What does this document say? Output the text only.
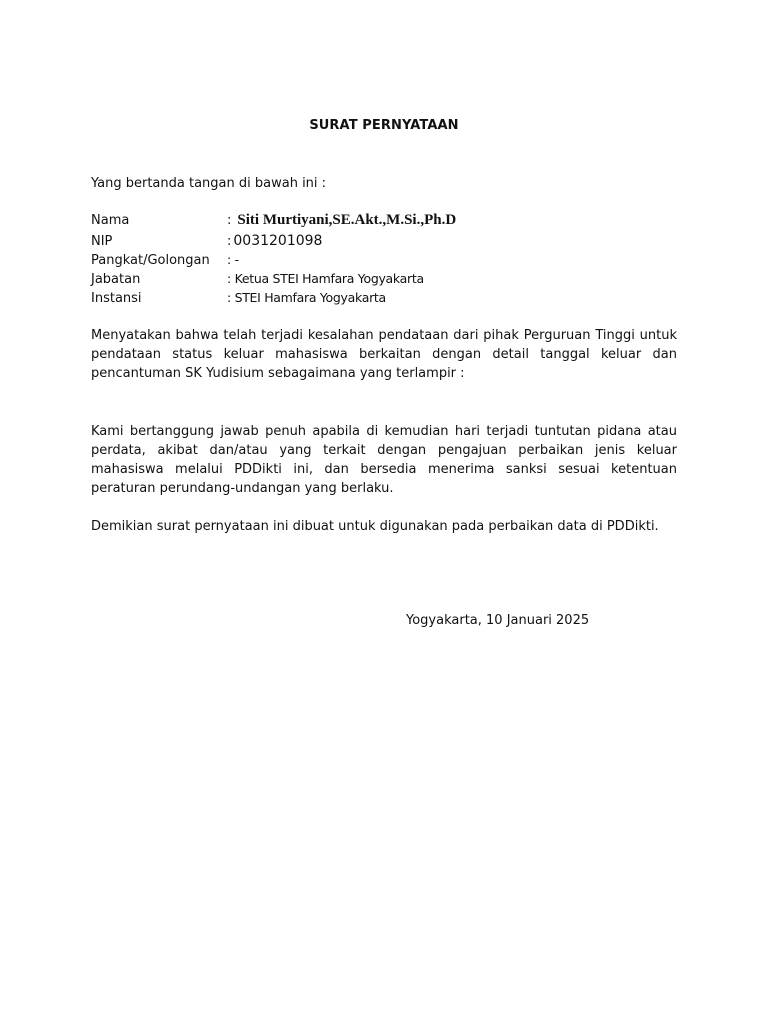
SURAT PERNYATAAN

Yang bertanda tangan di bawah ini :

Nama	: Siti Murtiyani,SE.Akt.,M.Si.,Ph.D
NIP	: 0031201098
Pangkat/Golongan	: -
Jabatan	: Ketua STEI Hamfara Yogyakarta
Instansi	: STEI Hamfara Yogyakarta

Menyatakan bahwa telah terjadi kesalahan pendataan dari pihak Perguruan Tinggi untuk pendataan status keluar mahasiswa berkaitan dengan detail tanggal keluar dan pencantuman SK Yudisium sebagaimana yang terlampir :

Kami bertanggung jawab penuh apabila di kemudian hari terjadi tuntutan pidana atau perdata, akibat dan/atau yang terkait dengan pengajuan perbaikan jenis keluar mahasiswa melalui PDDikti ini, dan bersedia menerima sanksi sesuai ketentuan peraturan perundang-undangan yang berlaku.

Demikian surat pernyataan ini dibuat untuk digunakan pada perbaikan data di PDDikti.

Yogyakarta, 10 Januari 2025
